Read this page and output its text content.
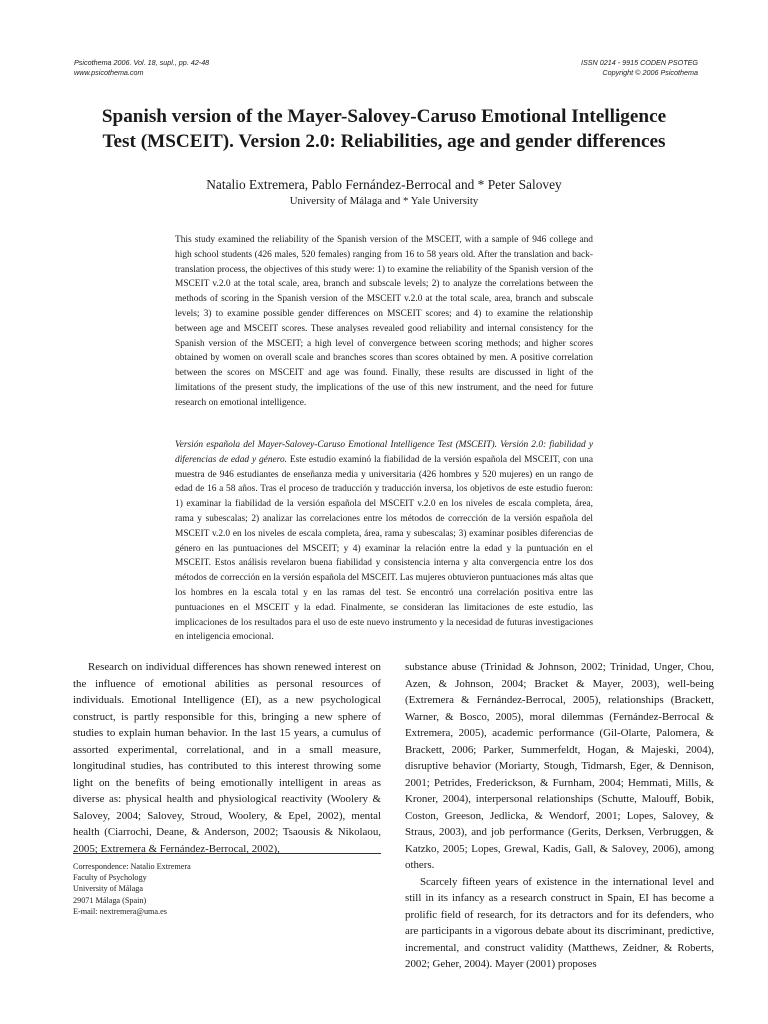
Psicothema 2006. Vol. 18, supl., pp. 42-48
www.psicothema.com
ISSN 0214 - 9915 CODEN PSOTEG
Copyright © 2006 Psicothema
Spanish version of the Mayer-Salovey-Caruso Emotional Intelligence
Test (MSCEIT). Version 2.0: Reliabilities, age and gender differences
Natalio Extremera, Pablo Fernández-Berrocal and * Peter Salovey
University of Málaga and * Yale University

This study examined the reliability of the Spanish version of the MSCEIT, with a sample of 946 college and high school students (426 males, 520 females) ranging from 16 to 58 years old. After the translation and back-translation process, the objectives of this study were: 1) to examine the reliability of the Spanish version of the MSCEIT v.2.0 at the total scale, area, branch and subscale levels; 2) to analyze the correlations between the methods of scoring in the Spanish version of the MSCEIT v.2.0 at the total scale, area, branch and subscale levels; 3) to examine possible gender differences on MSCEIT scores; and 4) to examine the relationship between age and MSCEIT scores. These analyses revealed good reliability and internal consistency for the Spanish version of the MSCEIT; a high level of convergence between scoring methods; and higher scores obtained by women on overall scale and branches scores than scores obtained by men. A positive correlation between the scores on MSCEIT and age was found. Finally, these results are discussed in light of the limitations of the present study, the implications of the use of this new instrument, and the need for future research on emotional intelligence.

Versión española del Mayer-Salovey-Caruso Emotional Intelligence Test (MSCEIT). Versión 2.0: fiabilidad y diferencias de edad y género. Este estudio examinó la fiabilidad de la versión española del MSCEIT, con una muestra de 946 estudiantes de enseñanza media y universitaria (426 hombres y 520 mujeres) en un rango de edad de 16 a 58 años. Tras el proceso de traducción y traducción inversa, los objetivos de este estudio fueron: 1) examinar la fiabilidad de la versión española del MSCEIT v.2.0 en los niveles de escala completa, área, rama y subescalas; 2) analizar las correlaciones entre los métodos de corrección de la versión española del MSCEIT v.2.0 en los niveles de escala completa, área, rama y subescalas; 3) examinar posibles diferencias de género en las puntuaciones del MSCEIT; y 4) examinar la relación entre la edad y la puntuación en el MSCEIT. Estos análisis revelaron buena fiabilidad y consistencia interna y alta convergencia entre los dos métodos de corrección en la versión española del MSCEIT. Las mujeres obtuvieron puntuaciones más altas que los hombres en la escala total y en las ramas del test. Se encontró una correlación positiva entre las puntuaciones en el MSCEIT y la edad. Finalmente, se consideran las limitaciones de este estudio, las implicaciones de los resultados para el uso de este nuevo instrumento y la necesidad de futuras investigaciones en inteligencia emocional.

Research on individual differences has shown renewed interest on the influence of emotional abilities as personal resources of individuals. Emotional Intelligence (EI), as a new psychological construct, is partly responsible for this, bringing a new sphere of studies to explain human behavior. In the last 15 years, a cumulus of assorted experimental, correlational, and in a small measure, longitudinal studies, has contributed to this interest throwing some light on the benefits of being emotionally intelligent in areas as diverse as: physical health and physiological reactivity (Woolery & Salovey, 2004; Salovey, Stroud, Woolery, & Epel, 2002), mental health (Ciarrochi, Deane, & Anderson, 2002; Tsaousis & Nikolaou, 2005; Extremera & Fernández-Berrocal, 2002),

substance abuse (Trinidad & Johnson, 2002; Trinidad, Unger, Chou, Azen, & Johnson, 2004; Bracket & Mayer, 2003), well-being (Extremera & Fernández-Berrocal, 2005), relationships (Brackett, Warner, & Bosco, 2005), moral dilemmas (Fernández-Berrocal & Extremera, 2005), academic performance (Gil-Olarte, Palomera, & Brackett, 2006; Parker, Summerfeldt, Hogan, & Majeski, 2004), disruptive behavior (Moriarty, Stough, Tidmarsh, Eger, & Dennison, 2001; Petrides, Frederickson, & Furnham, 2004; Hemmati, Mills, & Kroner, 2004), interpersonal relationships (Schutte, Malouff, Bobik, Coston, Greeson, Jedlicka, & Wendorf, 2001; Lopes, Salovey, & Straus, 2003), and job performance (Gerits, Derksen, Verbruggen, & Katzko, 2005; Lopes, Grewal, Kadis, Gall, & Salovey, 2006), among others.

Scarcely fifteen years of existence in the international level and still in its infancy as a research construct in Spain, EI has become a prolific field of research, for its detractors and for its defenders, who are participants in a vigorous debate about its discriminant, predictive, incremental, and construct validity (Matthews, Zeidner, & Roberts, 2002; Geher, 2004). Mayer (2001) proposes

Correspondence: Natalio Extremera
Faculty of Psychology
University of Málaga
29071 Málaga (Spain)
E-mail: nextremera@uma.es
